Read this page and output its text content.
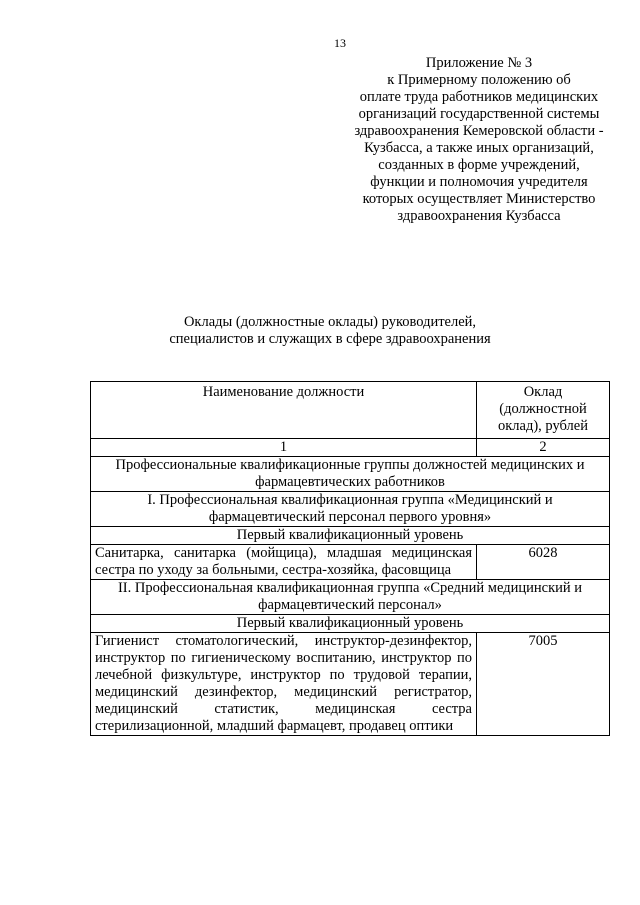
13
Приложение № 3
к Примерному положению об
оплате труда работников медицинских
организаций государственной системы
здравоохранения Кемеровской области -
Кузбасса, а также иных организаций,
созданных в форме учреждений,
функции и полномочия учредителя
которых осуществляет Министерство
здравоохранения Кузбасса
Оклады (должностные оклады) руководителей,
специалистов и служащих в сфере здравоохранения
Наименование должности	Оклад (должностной оклад), рублей
1	2
Профессиональные квалификационные группы должностей медицинских и фармацевтических работников	
I. Профессиональная квалификационная группа «Медицинский и фармацевтический персонал первого уровня»	
Первый квалификационный уровень	
Санитарка, санитарка (мойщица), младшая медицинская сестра по уходу за больными, сестра-хозяйка, фасовщица	6028
II. Профессиональная квалификационная группа «Средний медицинский и фармацевтический персонал»	
Первый квалификационный уровень	
Гигиенист стоматологический, инструктор-дезинфектор, инструктор по гигиеническому воспитанию, инструктор по лечебной физкультуре, инструктор по трудовой терапии, медицинский дезинфектор, медицинский регистратор, медицинский статистик, медицинская сестра стерилизационной, младший фармацевт, продавец оптики	7005
